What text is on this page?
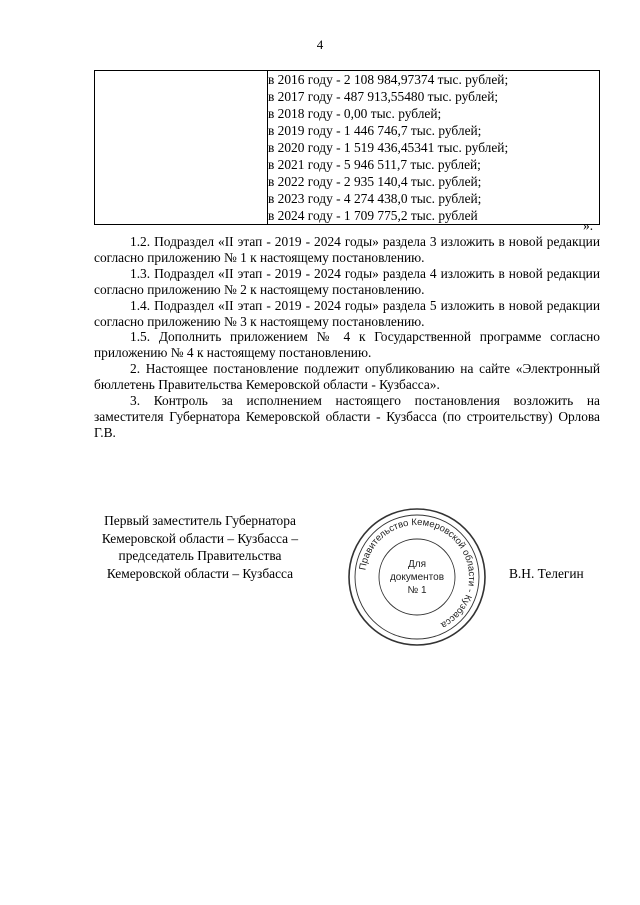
4

в 2016 году - 2 108 984,97374 тыс. рублей;
в 2017 году - 487 913,55480 тыс. рублей;
в 2018 году - 0,00 тыс. рублей;
в 2019 году - 1 446 746,7 тыс. рублей;
в 2020 году - 1 519 436,45341 тыс. рублей;
в 2021 году - 5 946 511,7 тыс. рублей;
в 2022 году - 2 935 140,4 тыс. рублей;
в 2023 году - 4 274 438,0 тыс. рублей;
в 2024 году - 1 709 775,2 тыс. рублей
».

1.2. Подраздел «II этап - 2019 - 2024 годы» раздела 3 изложить в новой редакции согласно приложению № 1 к настоящему постановлению.

1.3. Подраздел «II этап - 2019 - 2024 годы» раздела 4 изложить в новой редакции согласно приложению № 2 к настоящему постановлению.

1.4. Подраздел «II этап - 2019 - 2024 годы» раздела 5 изложить в новой редакции согласно приложению № 3 к настоящему постановлению.

1.5. Дополнить приложением № 4 к Государственной программе согласно приложению № 4 к настоящему постановлению.

2. Настоящее постановление подлежит опубликованию на сайте «Электронный бюллетень Правительства Кемеровской области - Кузбасса».

3. Контроль за исполнением настоящего постановления возложить на заместителя Губернатора Кемеровской области - Кузбасса (по строительству) Орлова Г.В.

Первый заместитель Губернатора
Кемеровской области – Кузбасса –
председатель Правительства
Кемеровской области – Кузбасса	Правительство Кемеровской области - Кузбасса
Для
документов
№ 1
В.Н. Телегин
